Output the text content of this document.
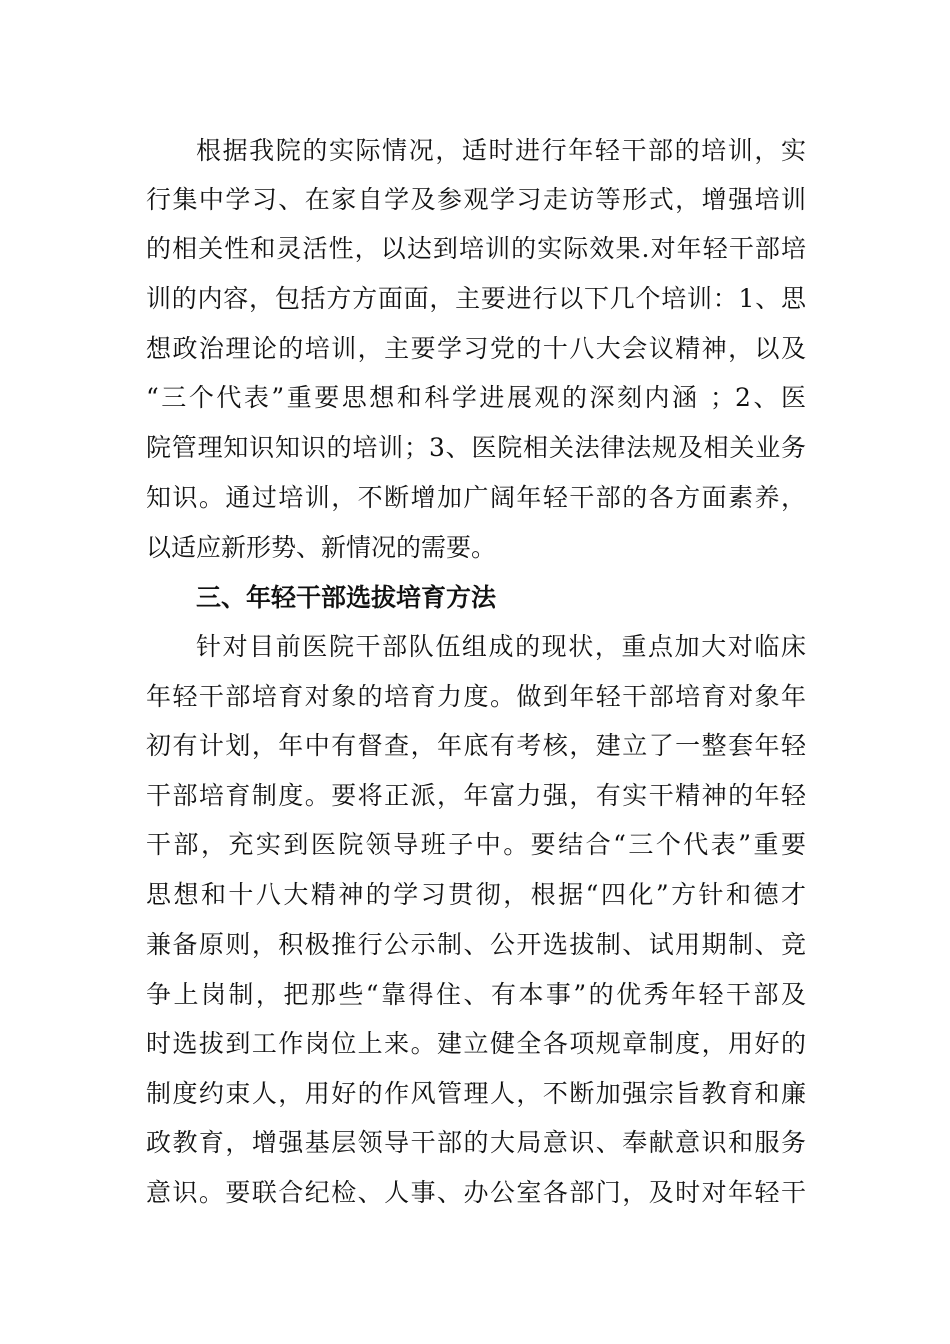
根据我院的实际情况，适时进行年轻干部的培训，实
行集中学习、在家自学及参观学习走访等形式，增强培训
的相关性和灵活性，以达到培训的实际效果.对年轻干部培
训的内容，包括方方面面，主要进行以下几个培训：1、思
想政治理论的培训，主要学习党的十八大会议精神，以及
“三个代表”重要思想和科学进展观的深刻内涵 ；2、医
院管理知识知识的培训；3、医院相关法律法规及相关业务
知识。通过培训，不断增加广阔年轻干部的各方面素养，
以适应新形势、新情况的需要。
三、年轻干部选拔培育方法
针对目前医院干部队伍组成的现状，重点加大对临床
年轻干部培育对象的培育力度。做到年轻干部培育对象年
初有计划，年中有督查，年底有考核，建立了一整套年轻
干部培育制度。要将正派，年富力强，有实干精神的年轻
干部，充实到医院领导班子中。要结合“三个代表”重要
思想和十八大精神的学习贯彻，根据“四化”方针和德才
兼备原则，积极推行公示制、公开选拔制、试用期制、竞
争上岗制，把那些“靠得住、有本事”的优秀年轻干部及
时选拔到工作岗位上来。建立健全各项规章制度，用好的
制度约束人，用好的作风管理人，不断加强宗旨教育和廉
政教育，增强基层领导干部的大局意识、奉献意识和服务
意识。要联合纪检、人事、办公室各部门，及时对年轻干
